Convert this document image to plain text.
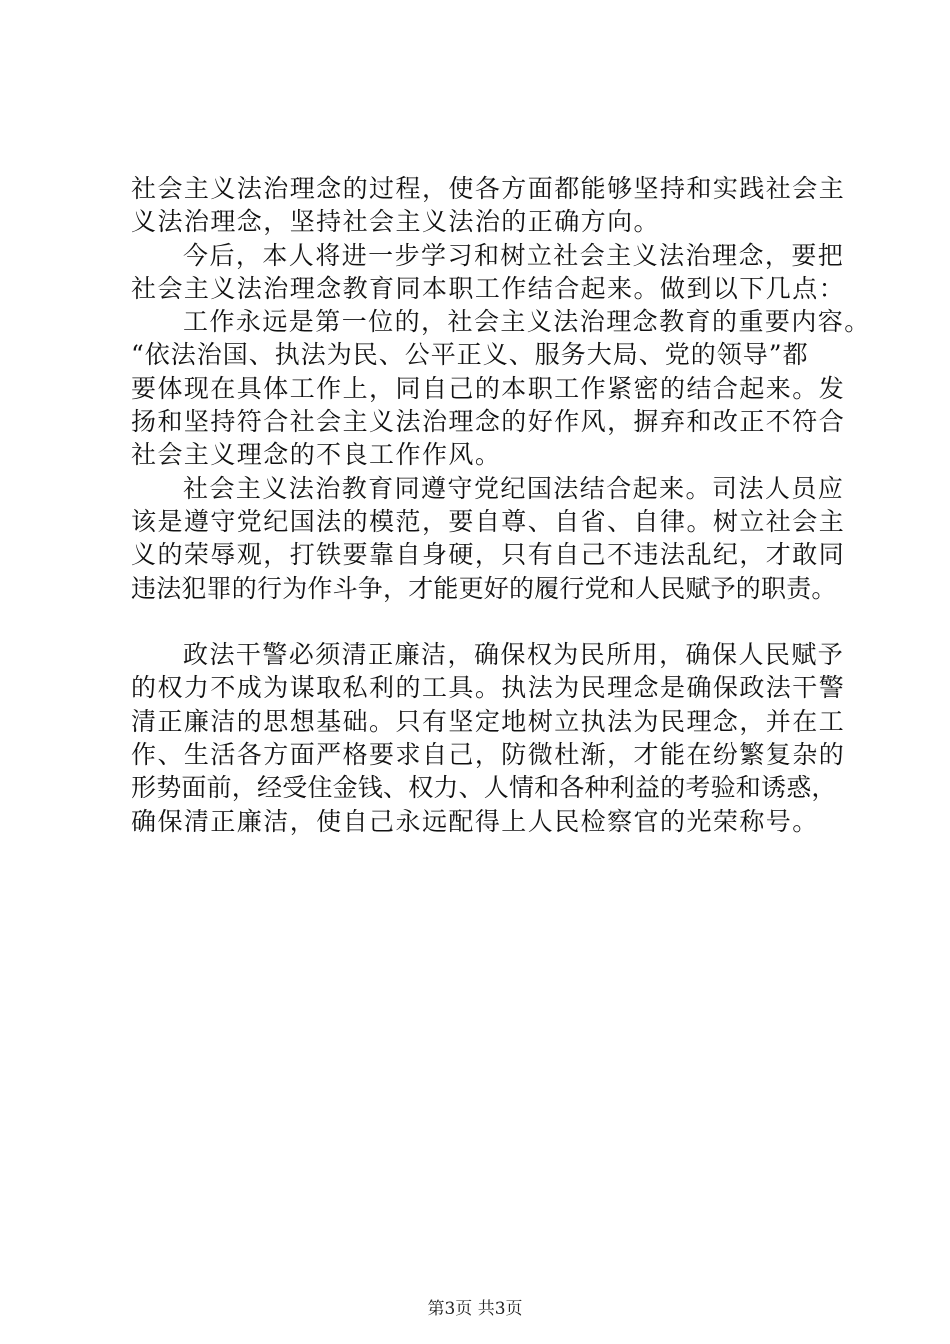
社会主义法治理念的过程，使各方面都能够坚持和实践社会主
义法治理念，坚持社会主义法治的正确方向。
今后，本人将进一步学习和树立社会主义法治理念，要把
社会主义法治理念教育同本职工作结合起来。做到以下几点：
工作永远是第一位的，社会主义法治理念教育的重要内容。
“依法治国、执法为民、公平正义、服务大局、党的领导”都
要体现在具体工作上，同自己的本职工作紧密的结合起来。发
扬和坚持符合社会主义法治理念的好作风，摒弃和改正不符合
社会主义理念的不良工作作风。
社会主义法治教育同遵守党纪国法结合起来。司法人员应
该是遵守党纪国法的模范，要自尊、自省、自律。树立社会主
义的荣辱观，打铁要靠自身硬，只有自己不违法乱纪，才敢同
违法犯罪的行为作斗争，才能更好的履行党和人民赋予的职责。
政法干警必须清正廉洁，确保权为民所用，确保人民赋予
的权力不成为谋取私利的工具。执法为民理念是确保政法干警
清正廉洁的思想基础。只有坚定地树立执法为民理念，并在工
作、生活各方面严格要求自己，防微杜渐，才能在纷繁复杂的
形势面前，经受住金钱、权力、人情和各种利益的考验和诱惑，
确保清正廉洁，使自己永远配得上人民检察官的光荣称号。
第3页 共3页
